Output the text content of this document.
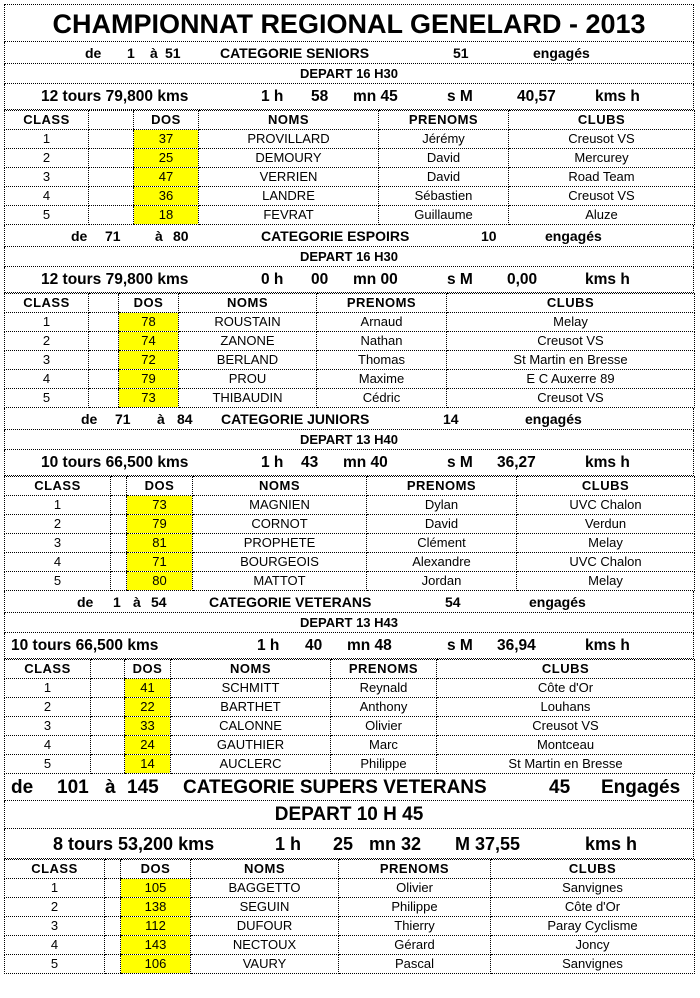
CHAMPIONNAT REGIONAL GENELARD - 2013
de 1 à 51	CATEGORIE SENIORS	51	engagés
DEPART 16 H30
12 tours 79,800 kms	1 h 58 mn 45	s M	40,57	kms h
CLASS		DOS	NOMS	PRENOMS	CLUBS
1		37	PROVILLARD	Jérémy	Creusot VS
2		25	DEMOURY	David	Mercurey
3		47	VERRIEN	David	Road Team
4		36	LANDRE	Sébastien	Creusot VS
5		18	FEVRAT	Guillaume	Aluze
de 71 à 80	CATEGORIE ESPOIRS	10	engagés
DEPART 16 H30
12 tours 79,800 kms	0 h 00 mn 00	s M 0,00	kms h
CLASS		DOS	NOMS	PRENOMS	CLUBS
1		78	ROUSTAIN	Arnaud	Melay
2		74	ZANONE	Nathan	Creusot VS
3		72	BERLAND	Thomas	St Martin en Bresse
4		79	PROU	Maxime	E C Auxerre 89
5		73	THIBAUDIN	Cédric	Creusot VS
de 71 à 84 CATEGORIE JUNIORS	14	engagés
DEPART 13 H40
10 tours 66,500 kms	1 h 43 mn 40	s M 36,27	kms h
CLASS		DOS	NOMS	PRENOMS	CLUBS
1		73	MAGNIEN	Dylan	UVC Chalon
2		79	CORNOT	David	Verdun
3		81	PROPHETE	Clément	Melay
4		71	BOURGEOIS	Alexandre	UVC Chalon
5		80	MATTOT	Jordan	Melay
de 1 à 54	CATEGORIE VETERANS	54	engagés
DEPART 13 H43
10 tours 66,500 kms	1 h 40 mn 48	s M 36,94	kms h
CLASS		DOS	NOMS	PRENOMS	CLUBS
1		41	SCHMITT	Reynald	Côte d'Or
2		22	BARTHET	Anthony	Louhans
3		33	CALONNE	Olivier	Creusot VS
4		24	GAUTHIER	Marc	Montceau
5		14	AUCLERC	Philippe	St Martin en Bresse
de 101 à 145 CATEGORIE SUPERS VETERANS	45 Engagés
DEPART 10 H 45
8 tours 53,200 kms	1 h 25 mn 32 M 37,55	kms h
CLASS		DOS	NOMS	PRENOMS	CLUBS
1		105	BAGGETTO	Olivier	Sanvignes
2		138	SEGUIN	Philippe	Côte d'Or
3		112	DUFOUR	Thierry	Paray Cyclisme
4		143	NECTOUX	Gérard	Joncy
5		106	VAURY	Pascal	Sanvignes
